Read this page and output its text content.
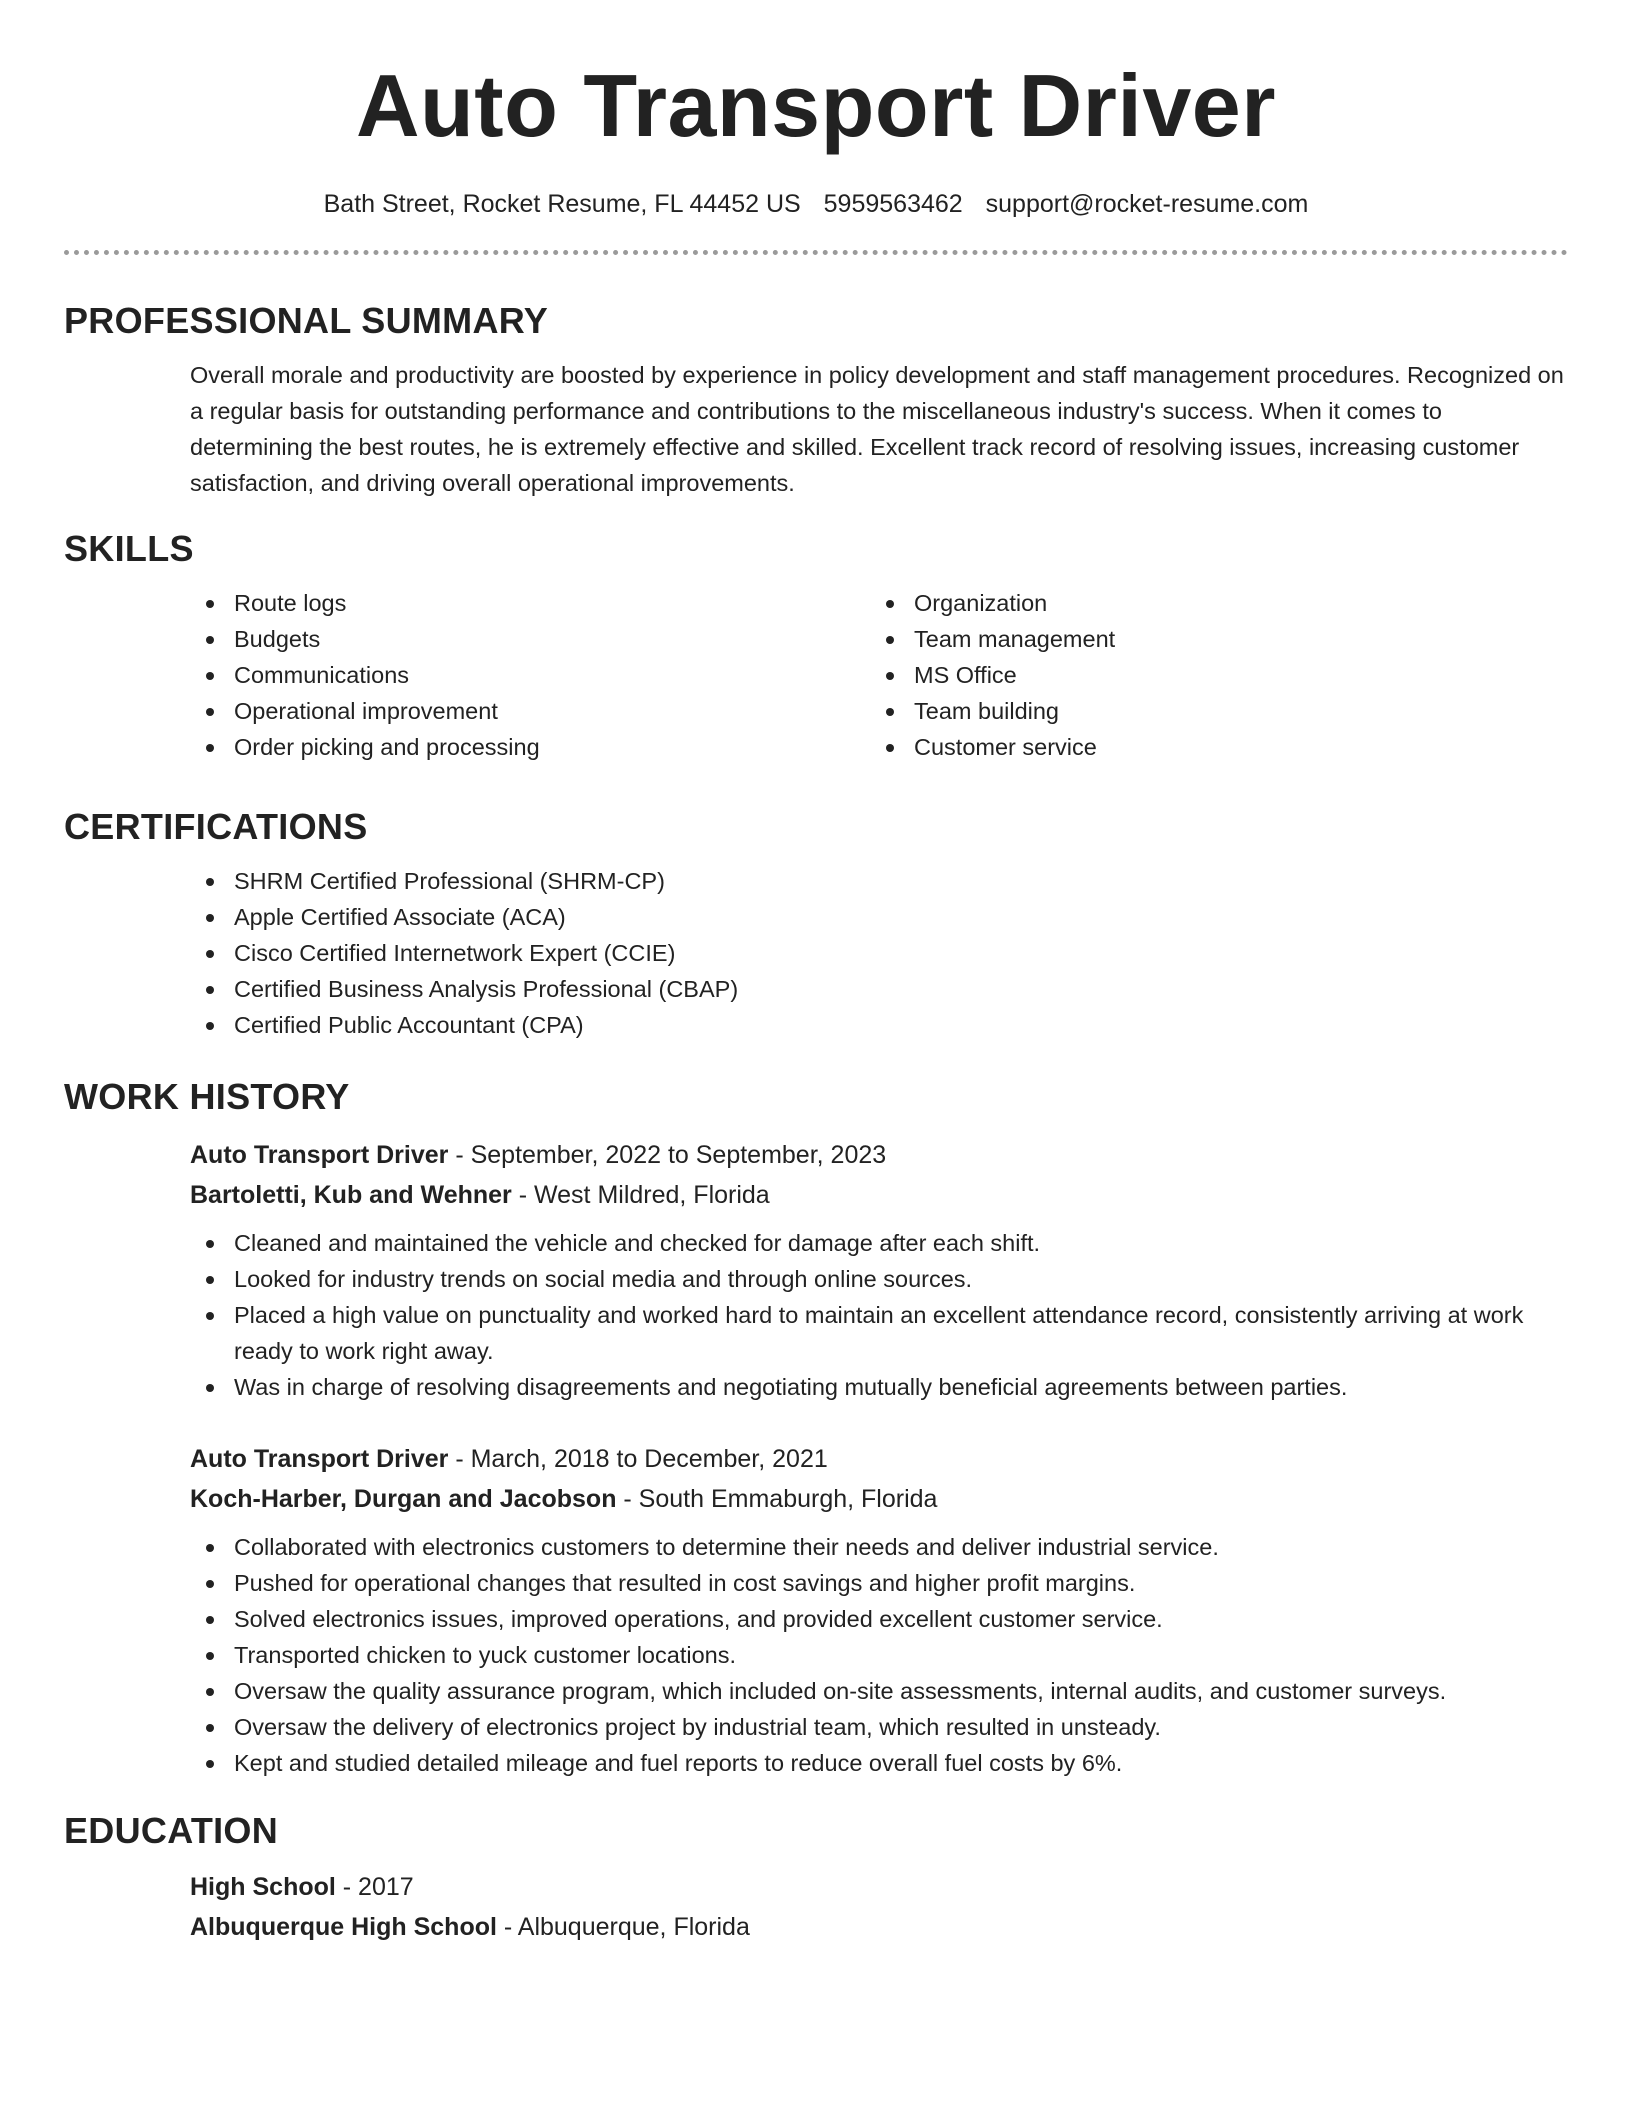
Auto Transport Driver
Bath Street, Rocket Resume, FL 44452 US 5959563462 support@rocket-resume.com
PROFESSIONAL SUMMARY

Overall morale and productivity are boosted by experience in policy development and staff management procedures. Recognized on a regular basis for outstanding performance and contributions to the miscellaneous industry's success. When it comes to determining the best routes, he is extremely effective and skilled. Excellent track record of resolving issues, increasing customer satisfaction, and driving overall operational improvements.

SKILLS
Route logs
Budgets
Communications
Operational improvement
Order picking and processing
Organization
Team management
MS Office
Team building
Customer service
CERTIFICATIONS
SHRM Certified Professional (SHRM-CP)
Apple Certified Associate (ACA)
Cisco Certified Internetwork Expert (CCIE)
Certified Business Analysis Professional (CBAP)
Certified Public Accountant (CPA)
WORK HISTORY
Auto Transport Driver - September, 2022 to September, 2023
Bartoletti, Kub and Wehner - West Mildred, Florida
Cleaned and maintained the vehicle and checked for damage after each shift.
Looked for industry trends on social media and through online sources.
Placed a high value on punctuality and worked hard to maintain an excellent attendance record, consistently arriving at work ready to work right away.
Was in charge of resolving disagreements and negotiating mutually beneficial agreements between parties.
Auto Transport Driver - March, 2018 to December, 2021
Koch-Harber, Durgan and Jacobson - South Emmaburgh, Florida
Collaborated with electronics customers to determine their needs and deliver industrial service.
Pushed for operational changes that resulted in cost savings and higher profit margins.
Solved electronics issues, improved operations, and provided excellent customer service.
Transported chicken to yuck customer locations.
Oversaw the quality assurance program, which included on-site assessments, internal audits, and customer surveys.
Oversaw the delivery of electronics project by industrial team, which resulted in unsteady.
Kept and studied detailed mileage and fuel reports to reduce overall fuel costs by 6%.
EDUCATION
High School - 2017
Albuquerque High School - Albuquerque, Florida
